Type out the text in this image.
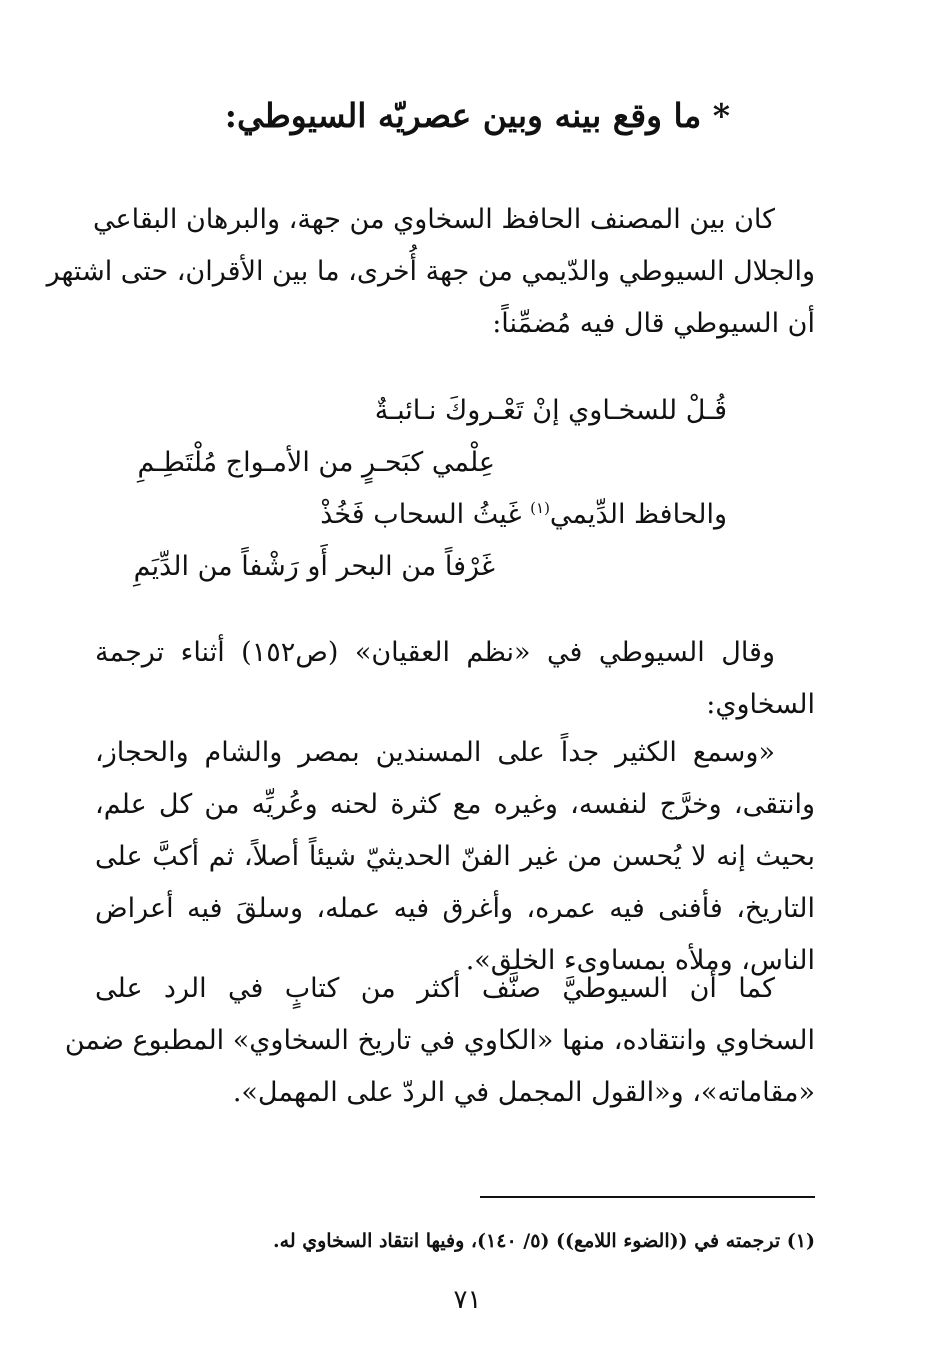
* ما وقع بينه وبين عصريّه السيوطي:
كان بين المصنف الحافظ السخاوي من جهة، والبرهان البقاعي
والجلال السيوطي والدّيمي من جهة أُخرى، ما بين الأقران، حتى اشتهر
أن السيوطي قال فيه مُضمِّناً:
قُـلْ للسخـاوي إنْ تَعْـروكَ نـائبـةٌ
عِلْمي كبَحـرٍ من الأمـواج مُلْتَطِـمِ
والحافظ الدِّيمي$^{(١)}$ غَيثُ السحاب فَخُذْ
غَرْفاً من البحر أَو رَشْفاً من الدِّيَمِ
وقال السيوطي في «نظم العقيان» (ص١٥٢) أثناء ترجمة
السخاوي:
«وسمع الكثير جداً على المسندين بمصر والشام والحجاز،
وانتقى، وخرَّج لنفسه، وغيره مع كثرة لحنه وعُريِّه من كل علم،
بحيث إنه لا يُحسن من غير الفنّ الحديثيّ شيئاً أصلاً، ثم أكبَّ على
التاريخ، فأفنى فيه عمره، وأغرق فيه عمله، وسلقَ فيه أعراض
الناس، وملأه بمساوىء الخلق».
كما أن السيوطيَّ صنَّف أكثر من كتابٍ في الرد على
السخاوي وانتقاده، منها «الكاوي في تاريخ السخاوي» المطبوع ضمن
«مقاماته»، و«القول المجمل في الردّ على المهمل».
(١) ترجمته في ((الضوء اللامع)) (٥/ ١٤٠)، وفيها انتقاد السخاوي له.
٧١
